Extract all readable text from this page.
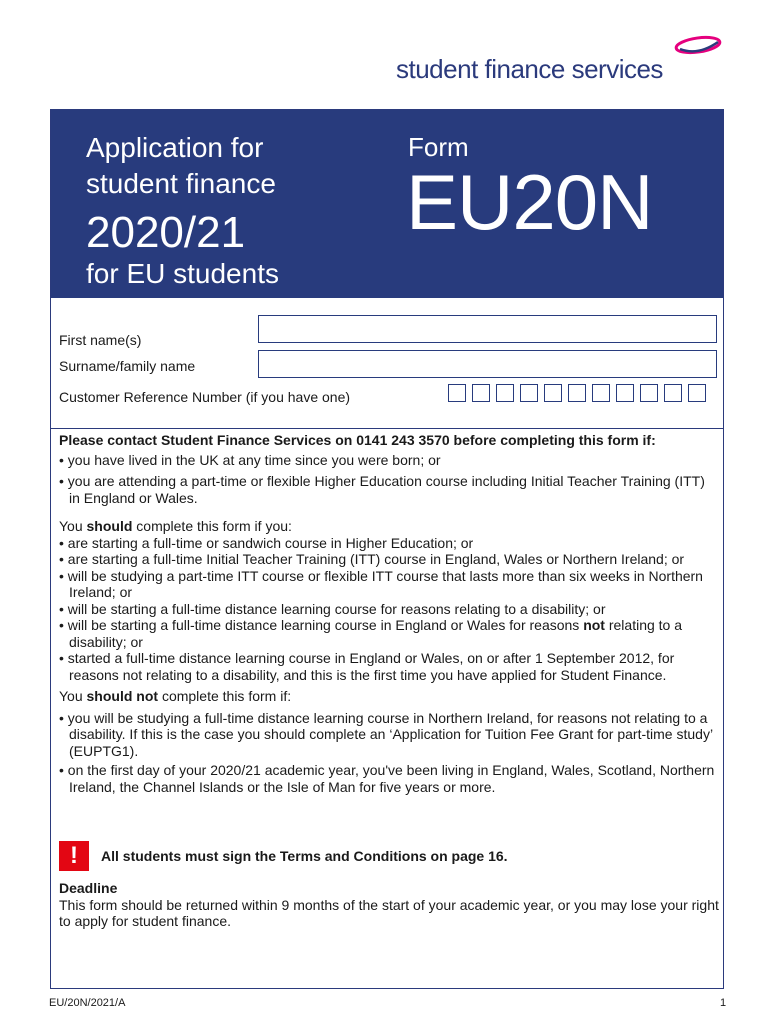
student finance services
Application for
student finance
2020/21
for EU students
Form
EU20N
First name(s)
Surname/family name
Customer Reference Number (if you have one)

Please contact Student Finance Services on 0141 243 3570 before completing this form if:

• you have lived in the UK at any time since you were born; or
• you are attending a part-time or flexible Higher Education course including Initial Teacher Training (ITT) in England or Wales.

You should complete this form if you:

• are starting a full-time or sandwich course in Higher Education; or
• are starting a full-time Initial Teacher Training (ITT) course in England, Wales or Northern Ireland; or
• will be studying a part-time ITT course or flexible ITT course that lasts more than six weeks in Northern Ireland; or
• will be starting a full-time distance learning course for reasons relating to a disability; or
• will be starting a full-time distance learning course in England or Wales for reasons not relating to a disability; or
• started a full-time distance learning course in England or Wales, on or after 1 September 2012, for reasons not relating to a disability, and this is the first time you have applied for Student Finance.

You should not complete this form if:

• you will be studying a full-time distance learning course in Northern Ireland, for reasons not relating to a disability. If this is the case you should complete an ‘Application for Tuition Fee Grant for part-time study’ (EUPTG1).
• on the first day of your 2020/21 academic year, you've been living in England, Wales, Scotland, Northern Ireland, the Channel Islands or the Isle of Man for five years or more.
!	All students must sign the Terms and Conditions on page 16.

Deadline

This form should be returned within 9 months of the start of your academic year, or you may lose your right to apply for student finance.

EU/20N/2021/A	1
